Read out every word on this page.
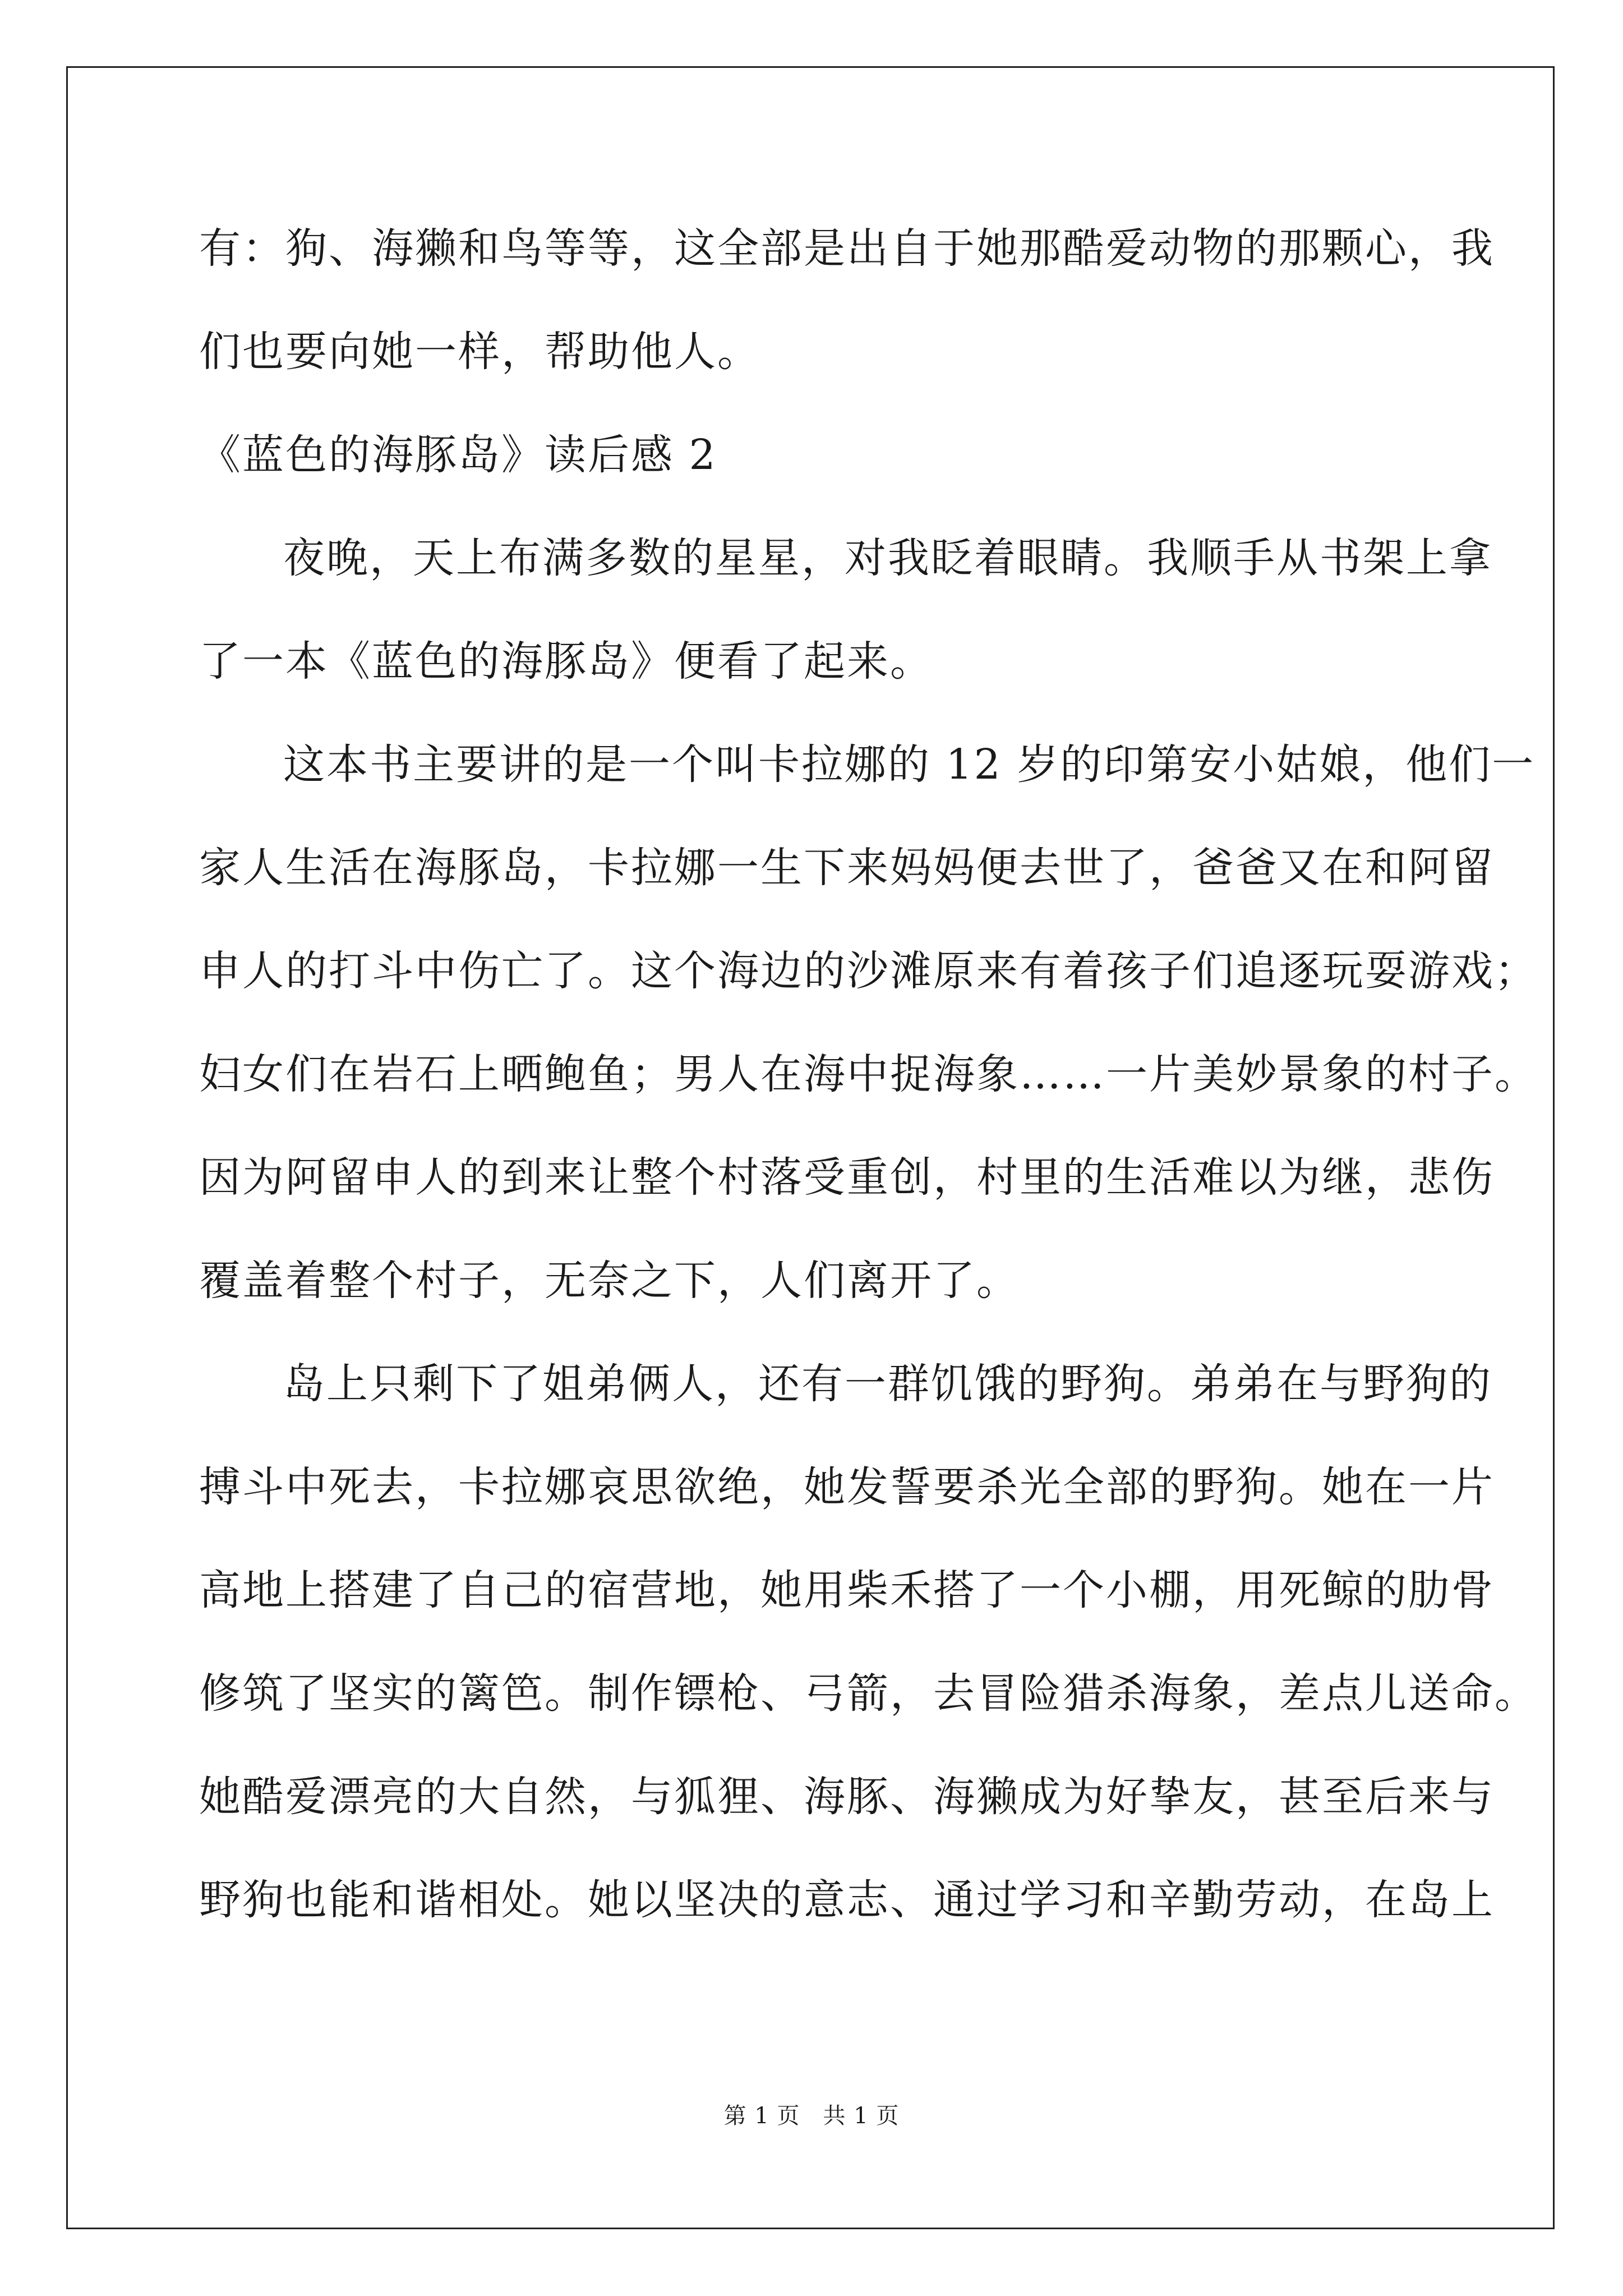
有：狗、海獭和鸟等等，这全部是出自于她那酷爱动物的那颗心，我

们也要向她一样，帮助他人。

《蓝色的海豚岛》读后感 2

夜晚，天上布满多数的星星，对我眨着眼睛。我顺手从书架上拿

了一本《蓝色的海豚岛》便看了起来。

这本书主要讲的是一个叫卡拉娜的 12 岁的印第安小姑娘，他们一

家人生活在海豚岛，卡拉娜一生下来妈妈便去世了，爸爸又在和阿留

申人的打斗中伤亡了。这个海边的沙滩原来有着孩子们追逐玩耍游戏；

妇女们在岩石上晒鲍鱼；男人在海中捉海象……一片美妙景象的村子。

因为阿留申人的到来让整个村落受重创，村里的生活难以为继，悲伤

覆盖着整个村子，无奈之下，人们离开了。

岛上只剩下了姐弟俩人，还有一群饥饿的野狗。弟弟在与野狗的

搏斗中死去，卡拉娜哀思欲绝，她发誓要杀光全部的野狗。她在一片

高地上搭建了自己的宿营地，她用柴禾搭了一个小棚，用死鲸的肋骨

修筑了坚实的篱笆。制作镖枪、弓箭，去冒险猎杀海象，差点儿送命。

她酷爱漂亮的大自然，与狐狸、海豚、海獭成为好挚友，甚至后来与

野狗也能和谐相处。她以坚决的意志、通过学习和辛勤劳动，在岛上

第 1 页　共 1 页
